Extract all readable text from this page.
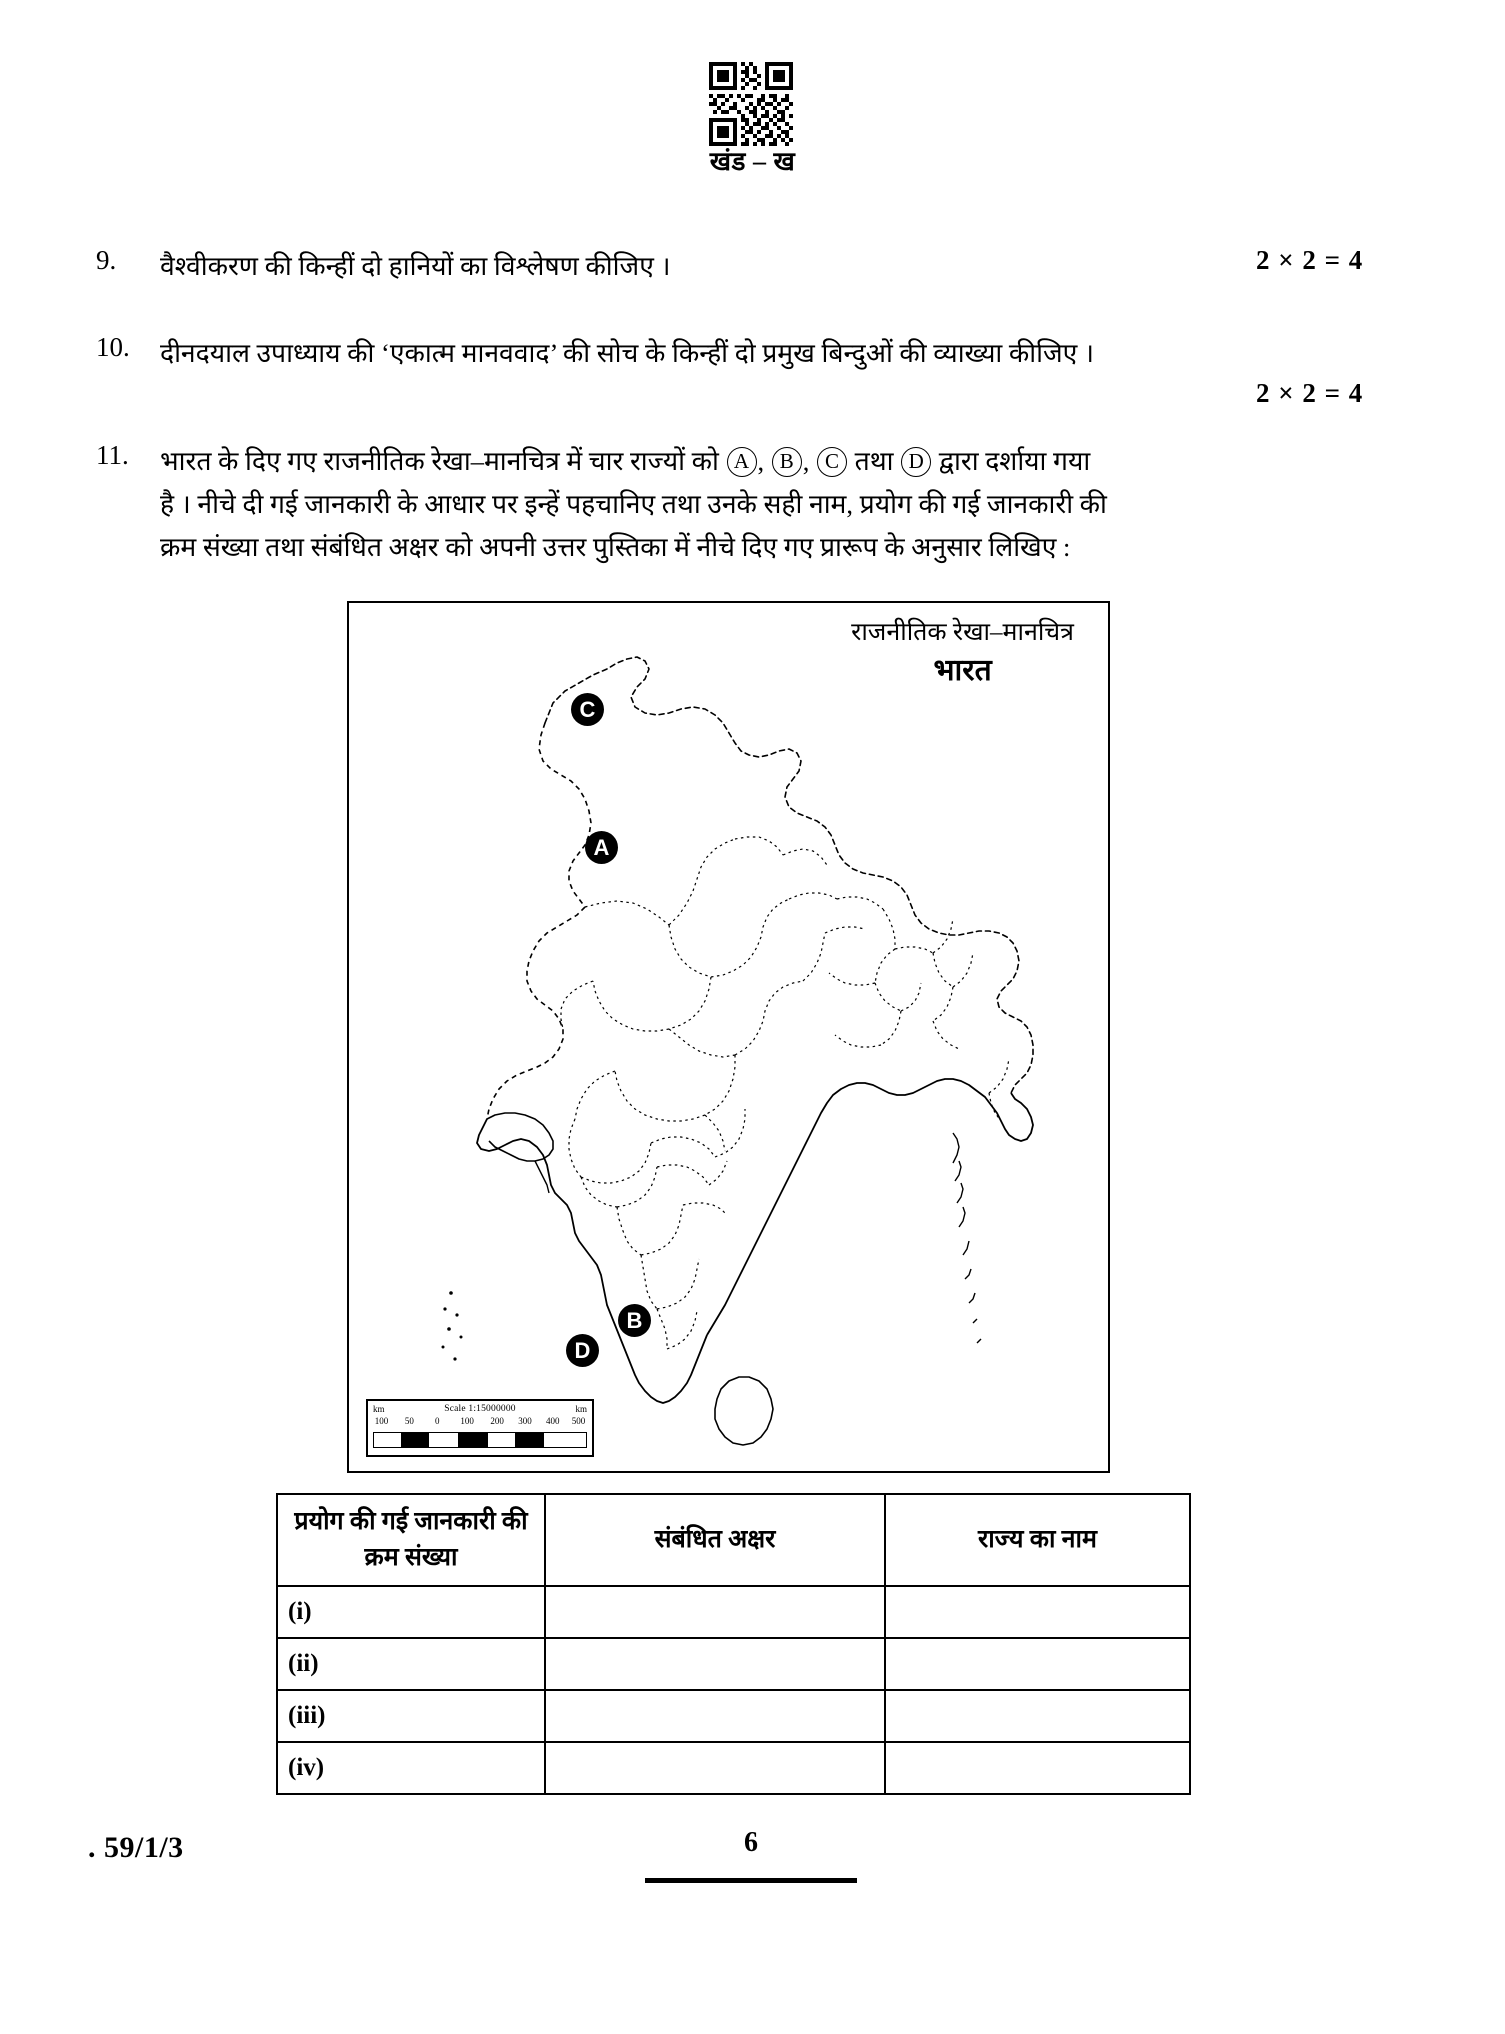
खंड – ख
9.	वैश्वीकरण की किन्हीं दो हानियों का विश्लेषण कीजिए ।	2 × 2 = 4
10.	दीनदयाल उपाध्याय की ‘एकात्म मानववाद’ की सोच के किन्हीं दो प्रमुख बिन्दुओं की व्याख्या कीजिए ।
2 × 2 = 4
11.	भारत के दिए गए राजनीतिक रेखा–मानचित्र में चार राज्यों को A , B , C तथा D द्वारा दर्शाया गया
है । नीचे दी गई जानकारी के आधार पर इन्हें पहचानिए तथा उनके सही नाम, प्रयोग की गई जानकारी की
क्रम संख्या तथा संबंधित अक्षर को अपनी उत्तर पुस्तिका में नीचे दिए गए प्रारूप के अनुसार लिखिए :
राजनीतिक रेखा–मानचित्र
भारत
C
A
B
D
km	Scale 1:15000000	km
100 50 0 100 200 300 400 500
प्रयोग की गई जानकारी की क्रम संख्या	संबंधित अक्षर	राज्य का नाम
(i)		
(ii)		
(iii)		
(iv)		
. 59/1/3	6
